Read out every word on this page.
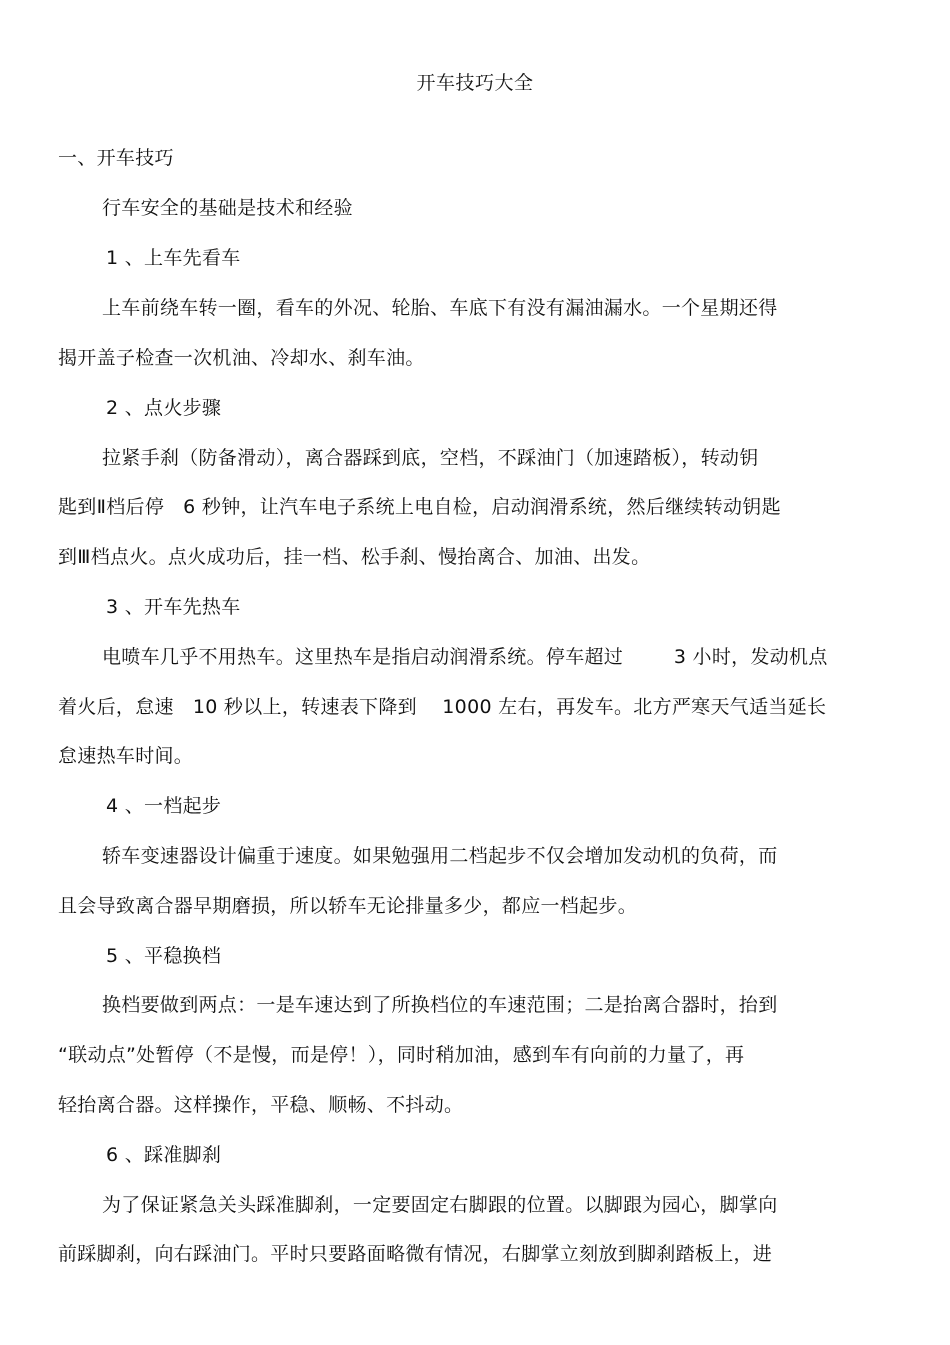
开车技巧大全
一、开车技巧
行车安全的基础是技术和经验
1 、上车先看车
上车前绕车转一圈，看车的外况、轮胎、车底下有没有漏油漏水。一个星期还得
揭开盖子检查一次机油、冷却水、刹车油。
2 、点火步骤
拉紧手刹（防备滑动），离合器踩到底，空档，不踩油门（加速踏板），转动钥
匙到Ⅱ档后停   6 秒钟，让汽车电子系统上电自检，启动润滑系统，然后继续转动钥匙
到Ⅲ档点火。点火成功后，挂一档、松手刹、慢抬离合、加油、出发。
3 、开车先热车
电喷车几乎不用热车。这里热车是指启动润滑系统。停车超过        3 小时，发动机点
着火后，怠速   10 秒以上，转速表下降到    1000 左右，再发车。北方严寒天气适当延长
怠速热车时间。
4 、一档起步
轿车变速器设计偏重于速度。如果勉强用二档起步不仅会增加发动机的负荷，而
且会导致离合器早期磨损，所以轿车无论排量多少，都应一档起步。
5 、平稳换档
换档要做到两点：一是车速达到了所换档位的车速范围；二是抬离合器时，抬到
“联动点”处暂停（不是慢，而是停！），同时稍加油，感到车有向前的力量了，再
轻抬离合器。这样操作，平稳、顺畅、不抖动。
6 、踩准脚刹
为了保证紧急关头踩准脚刹，一定要固定右脚跟的位置。以脚跟为园心，脚掌向
前踩脚刹，向右踩油门。平时只要路面略微有情况，右脚掌立刻放到脚刹踏板上，进
